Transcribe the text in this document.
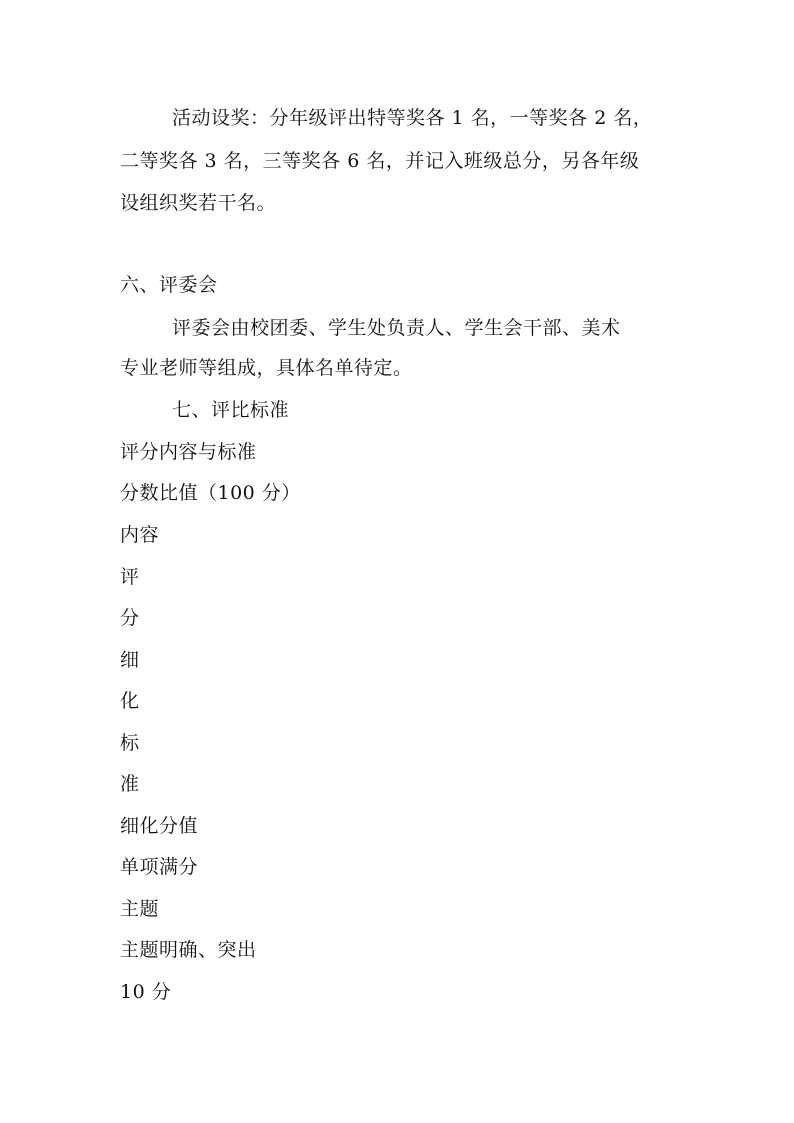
活动设奖：分年级评出特等奖各 1 名，一等奖各 2 名，
二等奖各 3 名，三等奖各 6 名，并记入班级总分，另各年级
设组织奖若干名。
六、评委会
评委会由校团委、学生处负责人、学生会干部、美术
专业老师等组成，具体名单待定。
七、评比标准
评分内容与标准
分数比值（100 分）
内容
评
分
细
化
标
准
细化分值
单项满分
主题
主题明确、突出
10 分
